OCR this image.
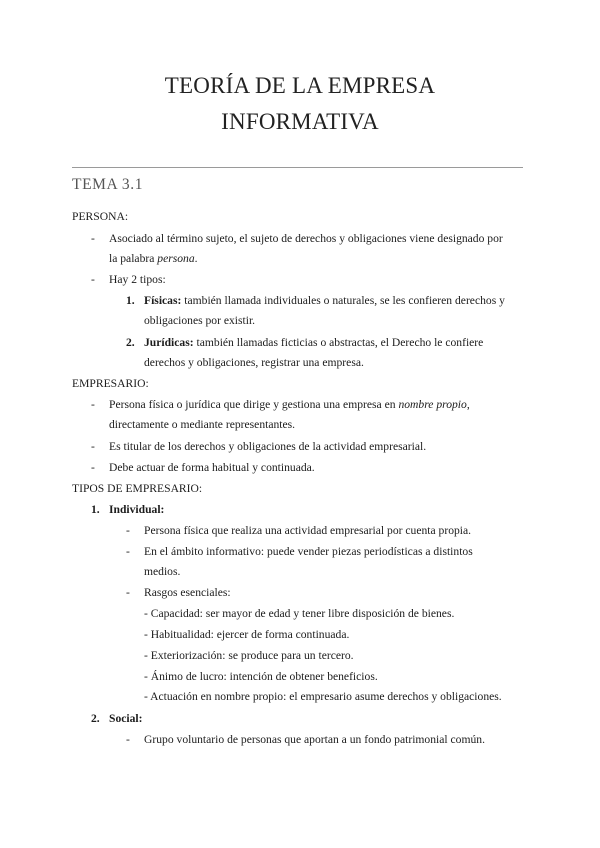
TEORÍA DE LA EMPRESA
INFORMATIVA
TEMA 3.1
PERSONA:
- Asociado al término sujeto, el sujeto de derechos y obligaciones viene designado por
la palabra persona.
- Hay 2 tipos:
1. Físicas: también llamada individuales o naturales, se les confieren derechos y
obligaciones por existir.
2. Jurídicas: también llamadas ficticias o abstractas, el Derecho le confiere
derechos y obligaciones, registrar una empresa.
EMPRESARIO:
- Persona física o jurídica que dirige y gestiona una empresa en nombre propio,
directamente o mediante representantes.
- Es titular de los derechos y obligaciones de la actividad empresarial.
- Debe actuar de forma habitual y continuada.
TIPOS DE EMPRESARIO:
1. Individual:
- Persona física que realiza una actividad empresarial por cuenta propia.
- En el ámbito informativo: puede vender piezas periodísticas a distintos
medios.
- Rasgos esenciales:
- Capacidad: ser mayor de edad y tener libre disposición de bienes.
- Habitualidad: ejercer de forma continuada.
- Exteriorización: se produce para un tercero.
- Ánimo de lucro: intención de obtener beneficios.
- Actuación en nombre propio: el empresario asume derechos y obligaciones.
2. Social:
- Grupo voluntario de personas que aportan a un fondo patrimonial común.
